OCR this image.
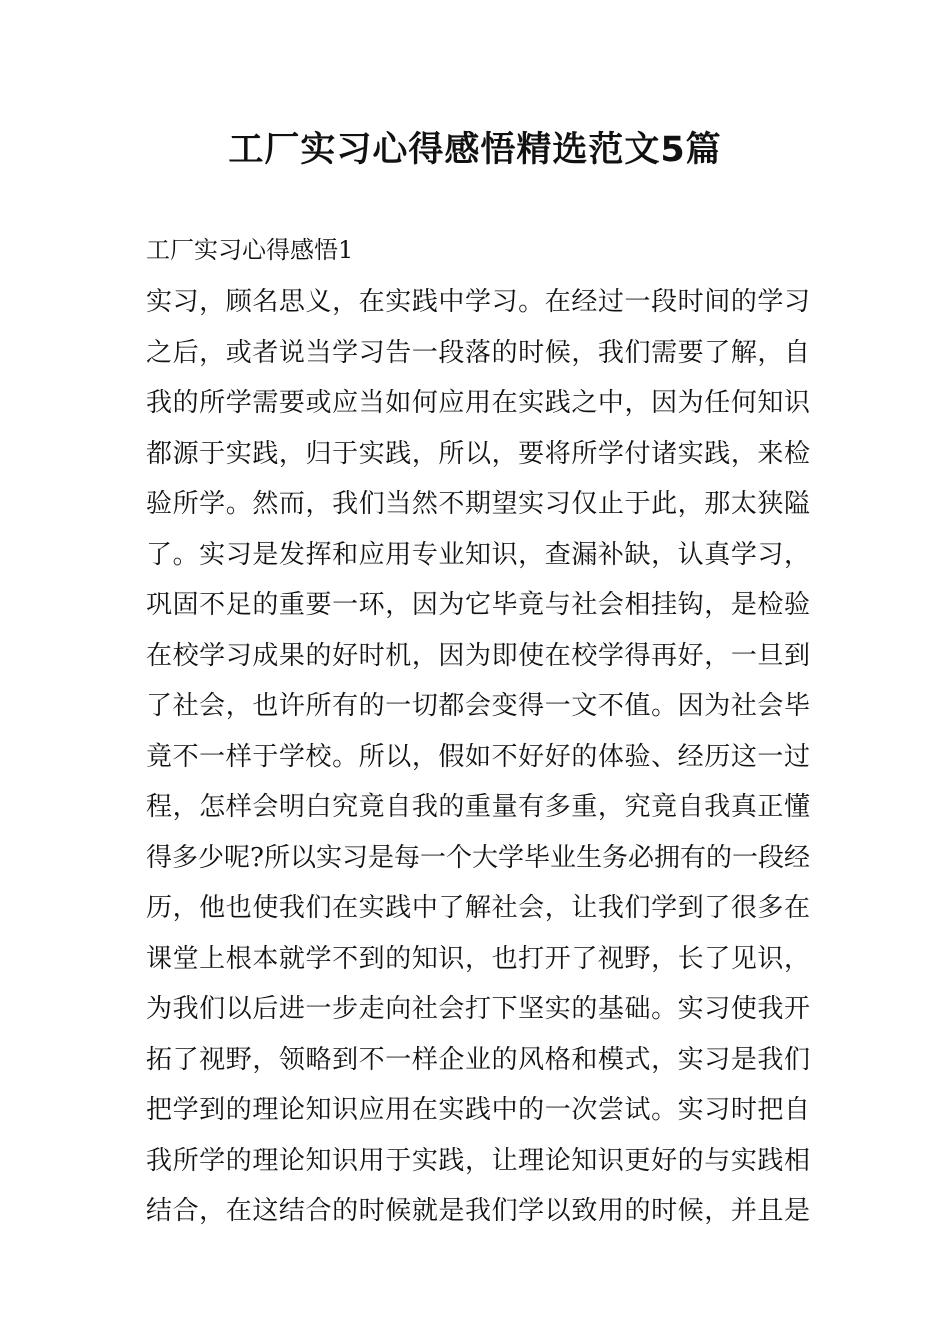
工厂实习心得感悟精选范文5篇
工厂实习心得感悟1
实习，顾名思义，在实践中学习。在经过一段时间的学习
之后，或者说当学习告一段落的时候，我们需要了解，自
我的所学需要或应当如何应用在实践之中，因为任何知识
都源于实践，归于实践，所以，要将所学付诸实践，来检
验所学。然而，我们当然不期望实习仅止于此，那太狭隘
了。实习是发挥和应用专业知识，查漏补缺，认真学习，
巩固不足的重要一环，因为它毕竟与社会相挂钩，是检验
在校学习成果的好时机，因为即使在校学得再好，一旦到
了社会，也许所有的一切都会变得一文不值。因为社会毕
竟不一样于学校。所以，假如不好好的体验、经历这一过
程，怎样会明白究竟自我的重量有多重，究竟自我真正懂
得多少呢?所以实习是每一个大学毕业生务必拥有的一段经
历，他也使我们在实践中了解社会，让我们学到了很多在
课堂上根本就学不到的知识，也打开了视野，长了见识，
为我们以后进一步走向社会打下坚实的基础。实习使我开
拓了视野，领略到不一样企业的风格和模式，实习是我们
把学到的理论知识应用在实践中的一次尝试。实习时把自
我所学的理论知识用于实践，让理论知识更好的与实践相
结合，在这结合的时候就是我们学以致用的时候，并且是
